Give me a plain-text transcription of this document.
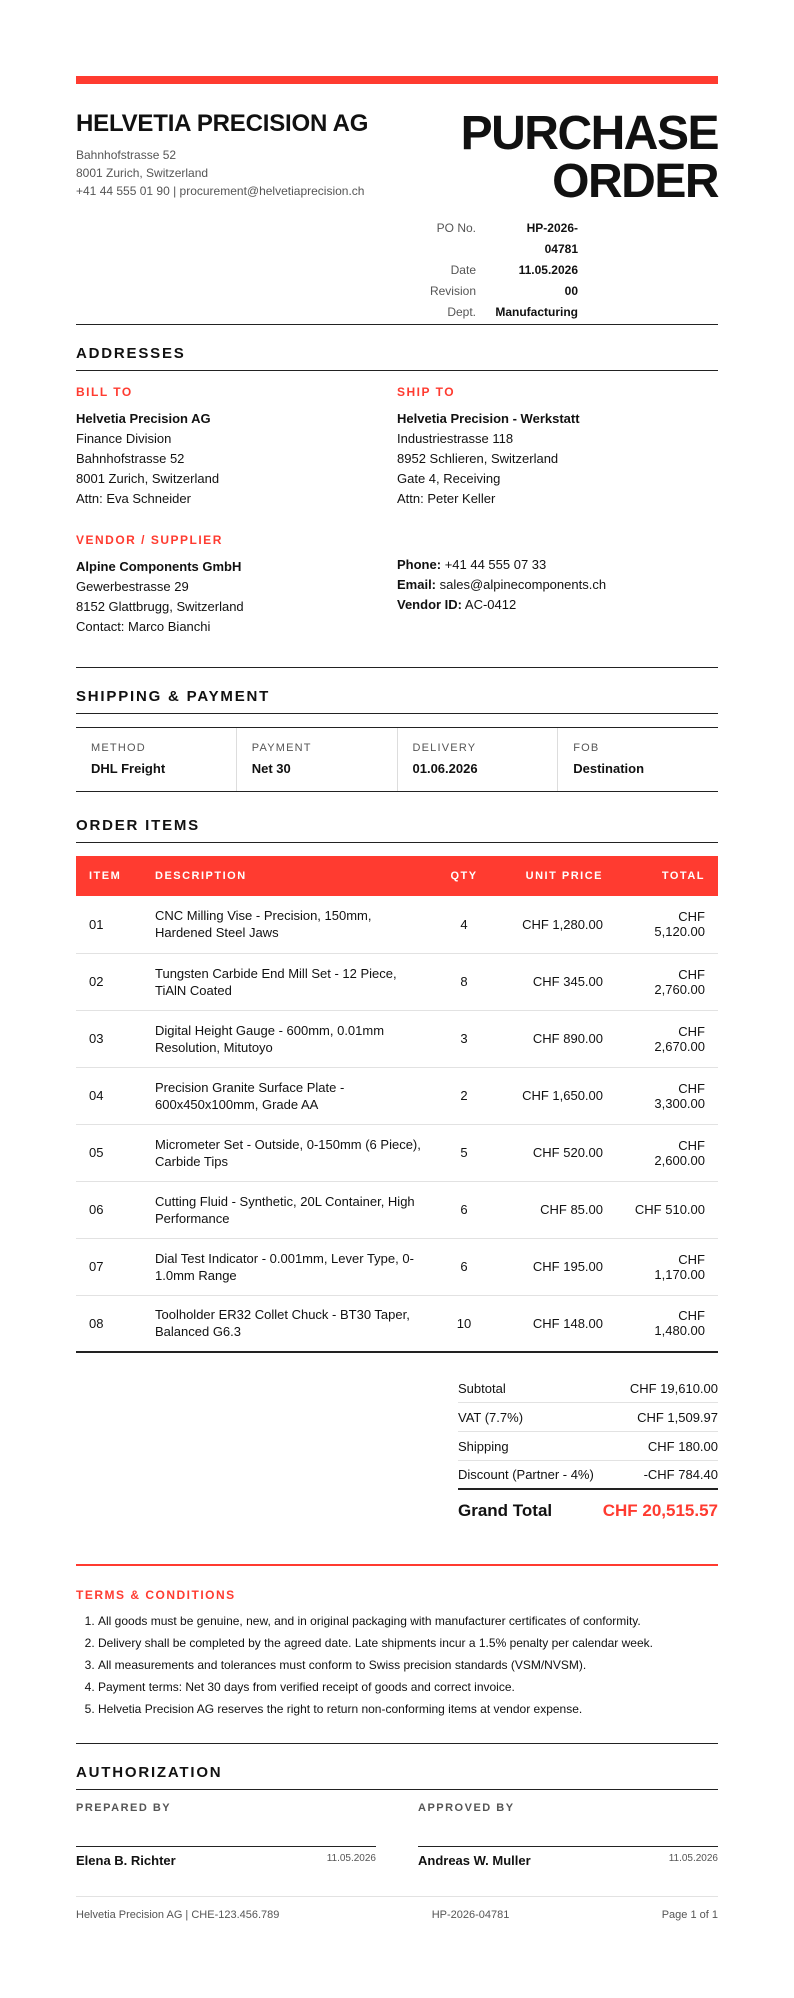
HELVETIA PRECISION AG
Bahnhofstrasse 52
8001 Zurich, Switzerland
+41 44 555 01 90 | procurement@helvetiaprecision.ch
PURCHASE
ORDER
PO No.	HP-2026-04781
Date	11.05.2026
Revision	00
Dept. Manufacturing
ADDRESSES
BILL TO
Helvetia Precision AG
Finance Division
Bahnhofstrasse 52
8001 Zurich, Switzerland
Attn: Eva Schneider
SHIP TO
Helvetia Precision - Werkstatt
Industriestrasse 118
8952 Schlieren, Switzerland
Gate 4, Receiving
Attn: Peter Keller
VENDOR / SUPPLIER
Alpine Components GmbH
Gewerbestrasse 29
8152 Glattbrugg, Switzerland
Contact: Marco Bianchi
Phone: +41 44 555 07 33
Email: sales@alpinecomponents.ch
Vendor ID: AC-0412
SHIPPING & PAYMENT
METHOD
DHL Freight
PAYMENT
Net 30
DELIVERY
01.06.2026
FOB
Destination
ORDER ITEMS
ITEM	DESCRIPTION	QTY	UNIT PRICE	TOTAL
01	CNC Milling Vise - Precision, 150mm, Hardened Steel Jaws	4	CHF 1,280.00	CHF 5,120.00
02	Tungsten Carbide End Mill Set - 12 Piece, TiAlN Coated	8	CHF 345.00	CHF 2,760.00
03	Digital Height Gauge - 600mm, 0.01mm Resolution, Mitutoyo	3	CHF 890.00	CHF 2,670.00
04	Precision Granite Surface Plate - 600x450x100mm, Grade AA	2	CHF 1,650.00	CHF 3,300.00
05	Micrometer Set - Outside, 0-150mm (6 Piece), Carbide Tips	5	CHF 520.00	CHF 2,600.00
06	Cutting Fluid - Synthetic, 20L Container, High Performance	6	CHF 85.00	CHF 510.00
07	Dial Test Indicator - 0.001mm, Lever Type, 0-1.0mm Range	6	CHF 195.00	CHF 1,170.00
08	Toolholder ER32 Collet Chuck - BT30 Taper, Balanced G6.3	10	CHF 148.00	CHF 1,480.00
Subtotal	CHF 19,610.00
VAT (7.7%)	CHF 1,509.97
Shipping	CHF 180.00
Discount (Partner - 4%)	-CHF 784.40
Grand Total	CHF 20,515.57
TERMS & CONDITIONS
1. All goods must be genuine, new, and in original packaging with manufacturer certificates of conformity.
2. Delivery shall be completed by the agreed date. Late shipments incur a 1.5% penalty per calendar week.
3. All measurements and tolerances must conform to Swiss precision standards (VSM/NVSM).
4. Payment terms: Net 30 days from verified receipt of goods and correct invoice.
5. Helvetia Precision AG reserves the right to return non-conforming items at vendor expense.
AUTHORIZATION
PREPARED BY
Elena B. Richter	11.05.2026
APPROVED BY
Andreas W. Muller	11.05.2026
Helvetia Precision AG | CHE-123.456.789	HP-2026-04781	Page 1 of 1
